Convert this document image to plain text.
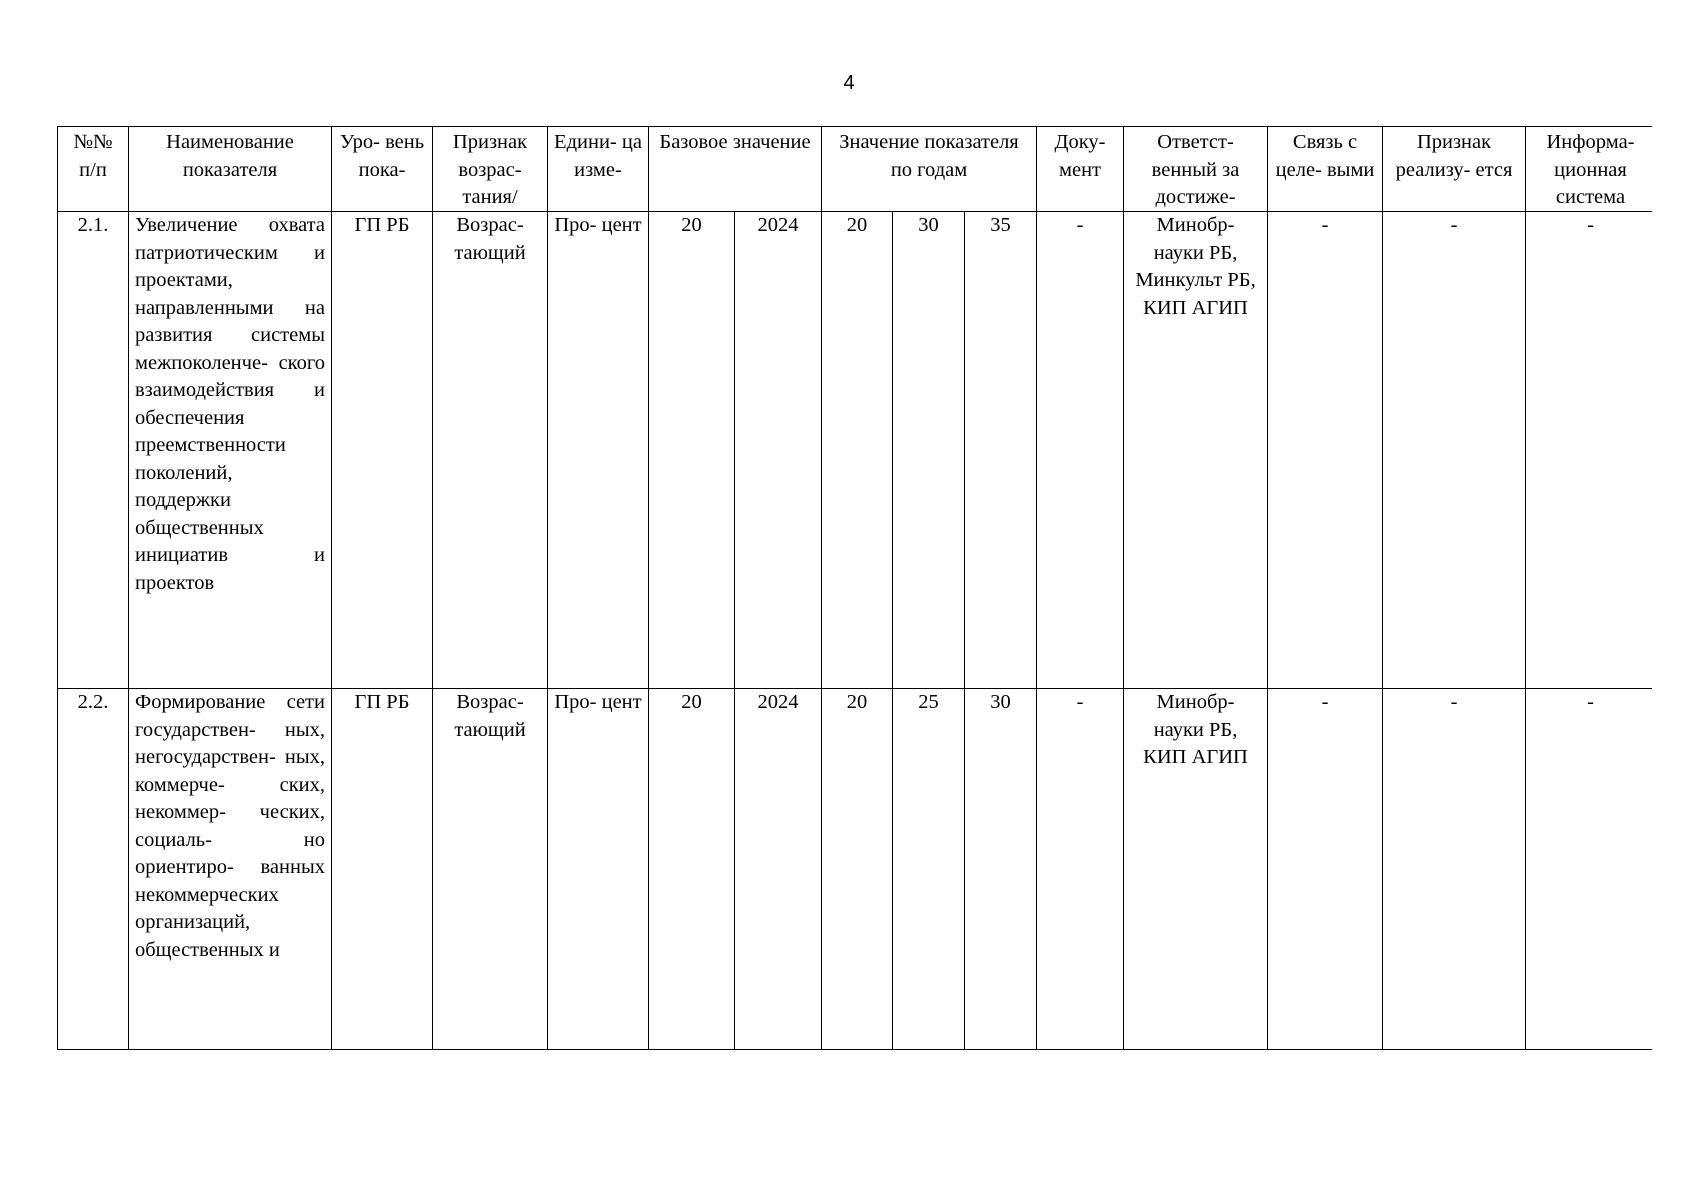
4
№№ п/п	Наименование показателя	Уро- вень пока-	Признак возрас- тания/	Едини- ца изме-	Базовое значение		Значение показателя по годам			Доку- мент	Ответст- венный за достиже-	Связь с целе- выми	Признак реализу- ется	Информа- ционная система

2.1.	Увеличение охвата патриотическим и проектами, направленными на развития системы межпоколенче- ского взаимодействия и обеспечения преемственности поколений, поддержки общественных инициатив и проектов	ГП РБ	Возрас- тающий	Про- цент	20	2024	20	30	35	-	Минобр- науки РБ, Минкульт РБ, КИП АГИП	-	-	-
2.2.	Формирование сети государствен- ных, негосударствен- ных, коммерче- ских, некоммер- ческих, социаль- но ориентиро- ванных некоммерческих организаций, общественных и	ГП РБ	Возрас- тающий	Про- цент	20	2024	20	25	30	-	Минобр- науки РБ, КИП АГИП	-	-	-
